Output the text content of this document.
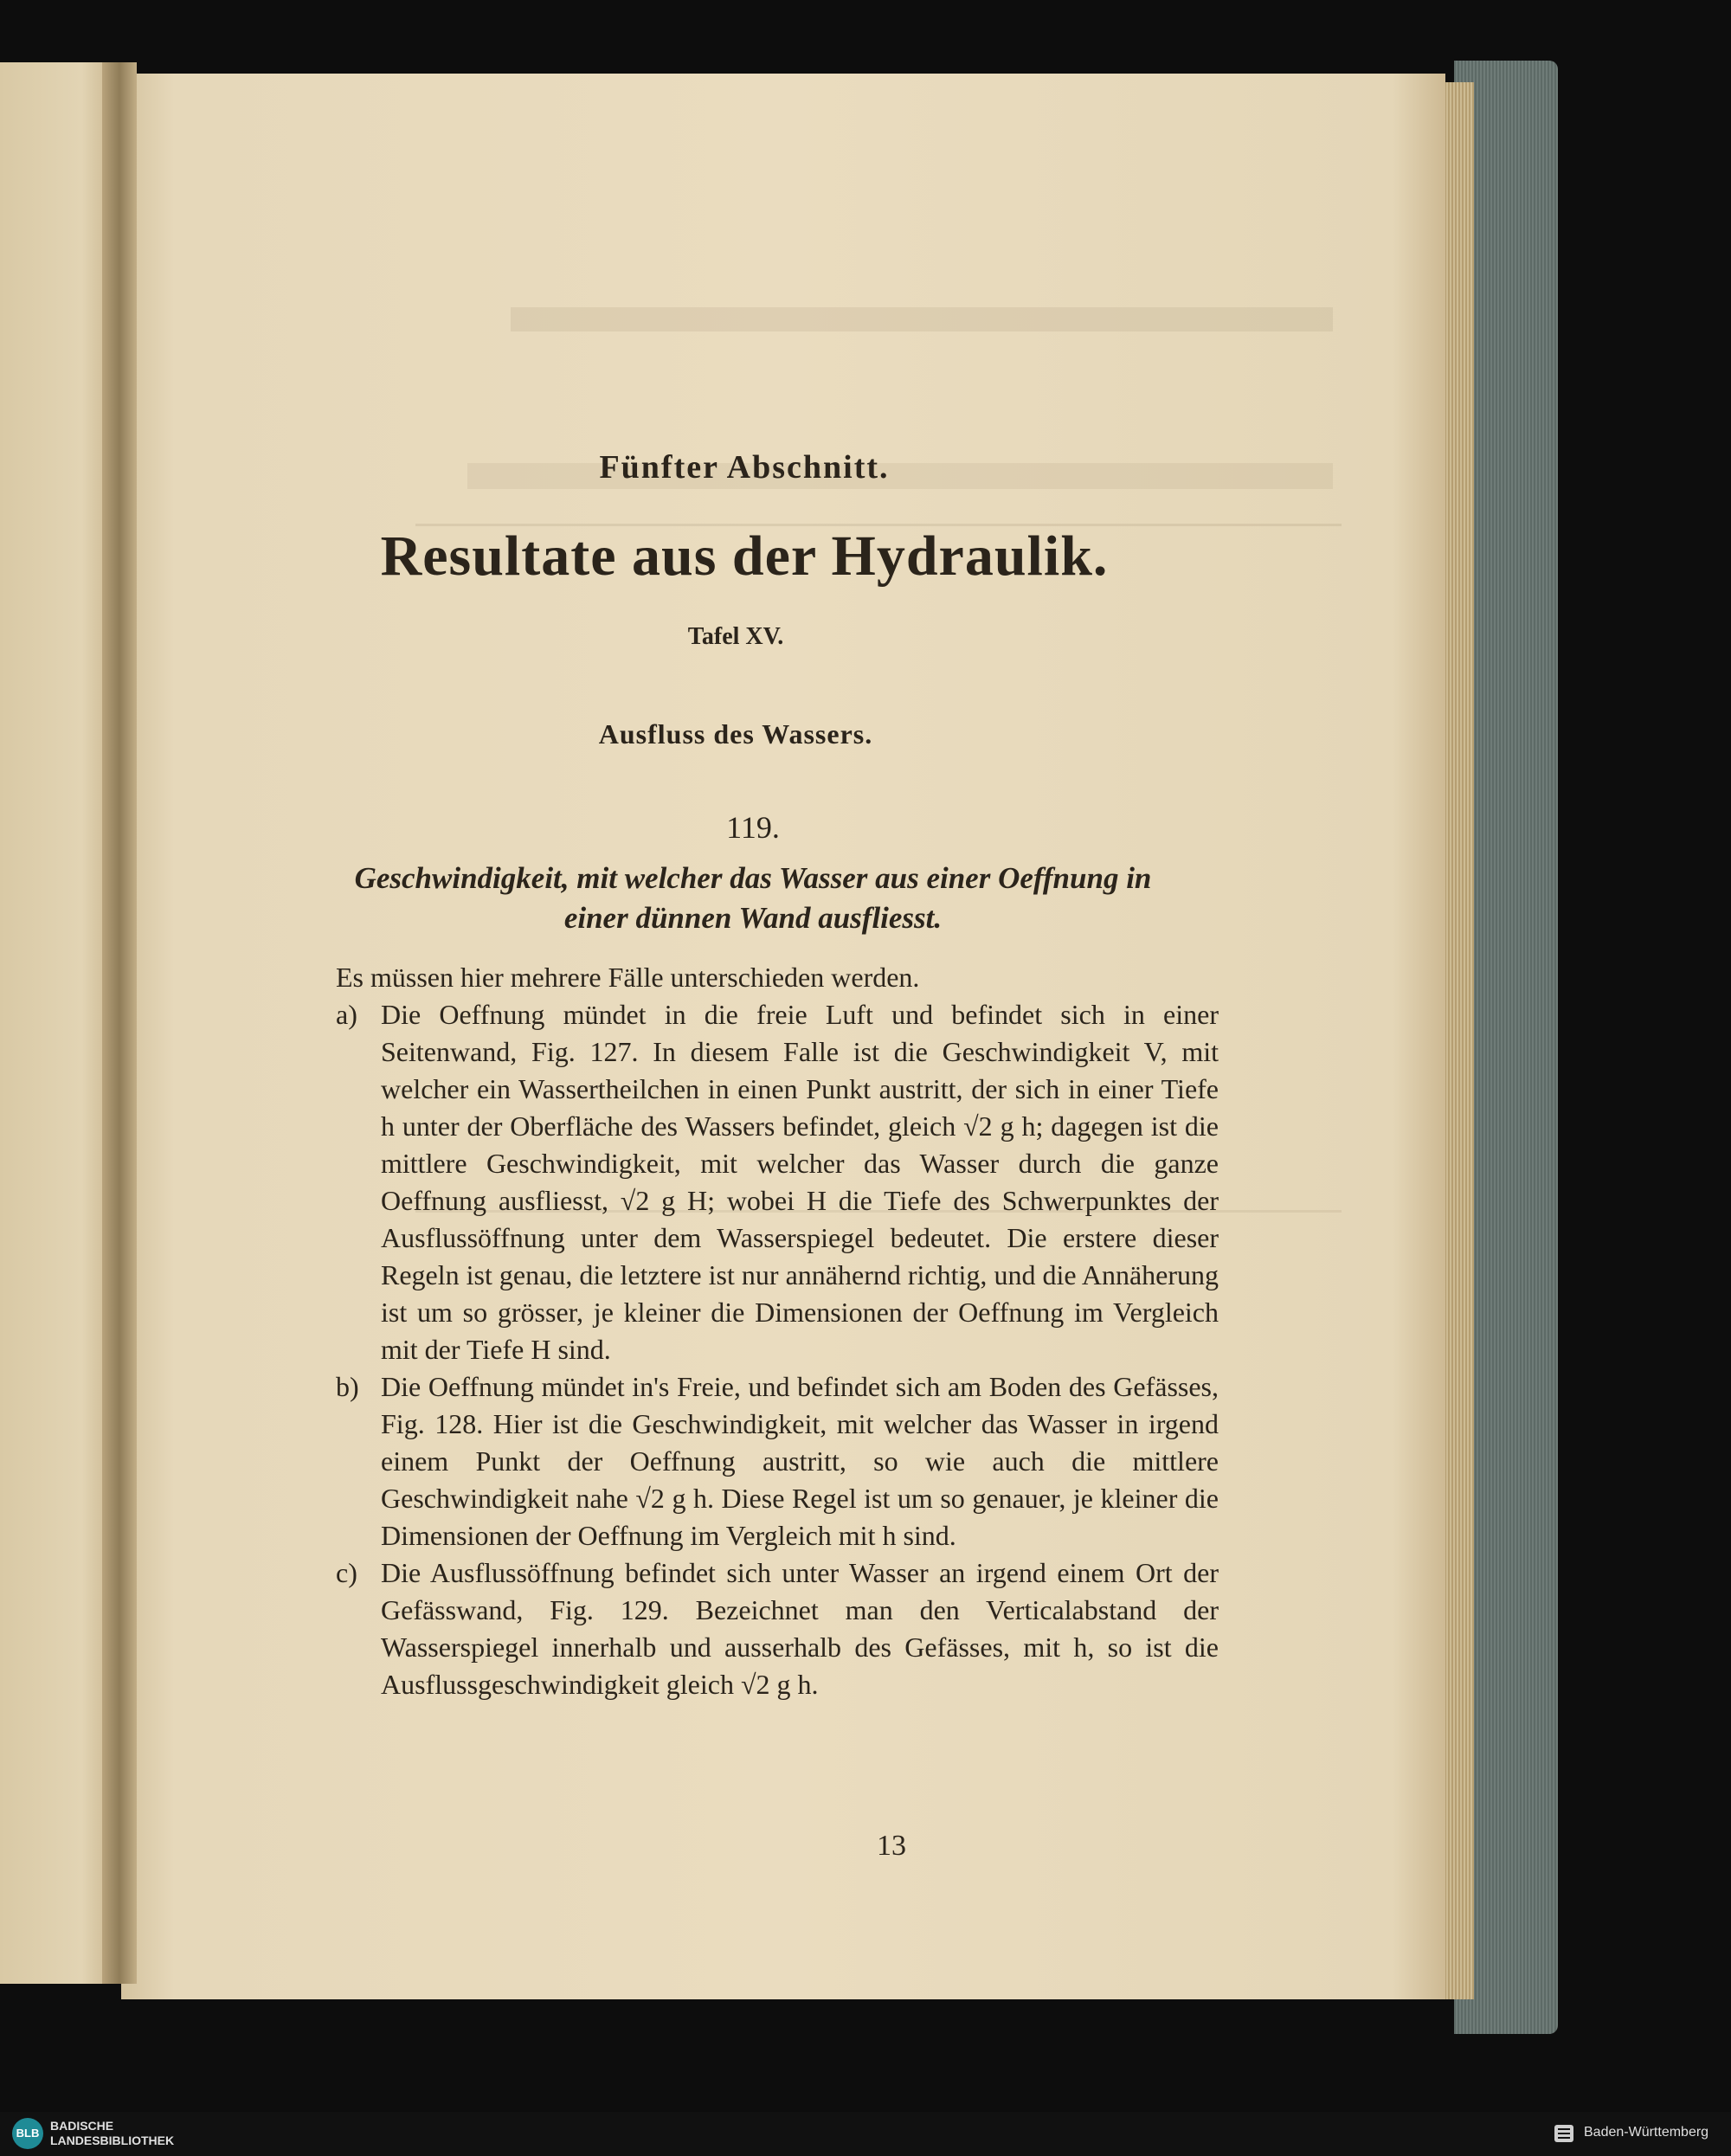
Fünfter Abschnitt.
Resultate aus der Hydraulik.
Tafel XV.
Ausfluss des Wassers.
119.
Geschwindigkeit, mit welcher das Wasser aus einer Oeffnung in
einer dünnen Wand ausfliesst.

Es müssen hier mehrere Fälle unterschieden werden.

a) Die Oeffnung mündet in die freie Luft und befindet sich in einer Seitenwand, Fig. 127. In diesem Falle ist die Geschwindigkeit V, mit welcher ein Wassertheilchen in einen Punkt austritt, der sich in einer Tiefe h unter der Oberfläche des Wassers befindet, gleich √2 g h; dagegen ist die mittlere Geschwindigkeit, mit welcher das Wasser durch die ganze Oeffnung ausfliesst, √2 g H; wobei H die Tiefe des Schwerpunktes der Ausflussöffnung unter dem Wasserspiegel bedeutet. Die erstere dieser Regeln ist genau, die letztere ist nur annähernd richtig, und die Annäherung ist um so grösser, je kleiner die Dimensionen der Oeffnung im Vergleich mit der Tiefe H sind.
b) Die Oeffnung mündet in's Freie, und befindet sich am Boden des Gefässes, Fig. 128. Hier ist die Geschwindigkeit, mit welcher das Wasser in irgend einem Punkt der Oeffnung austritt, so wie auch die mittlere Geschwindigkeit nahe √2 g h. Diese Regel ist um so genauer, je kleiner die Dimensionen der Oeffnung im Vergleich mit h sind.
c) Die Ausflussöffnung befindet sich unter Wasser an irgend einem Ort der Gefässwand, Fig. 129. Bezeichnet man den Verticalabstand der Wasserspiegel innerhalb und ausserhalb des Gefässes, mit h, so ist die Ausflussgeschwindigkeit gleich √2 g h.
13
BLB
BADISCHE
LANDESBIBLIOTHEK
Baden-Württemberg
